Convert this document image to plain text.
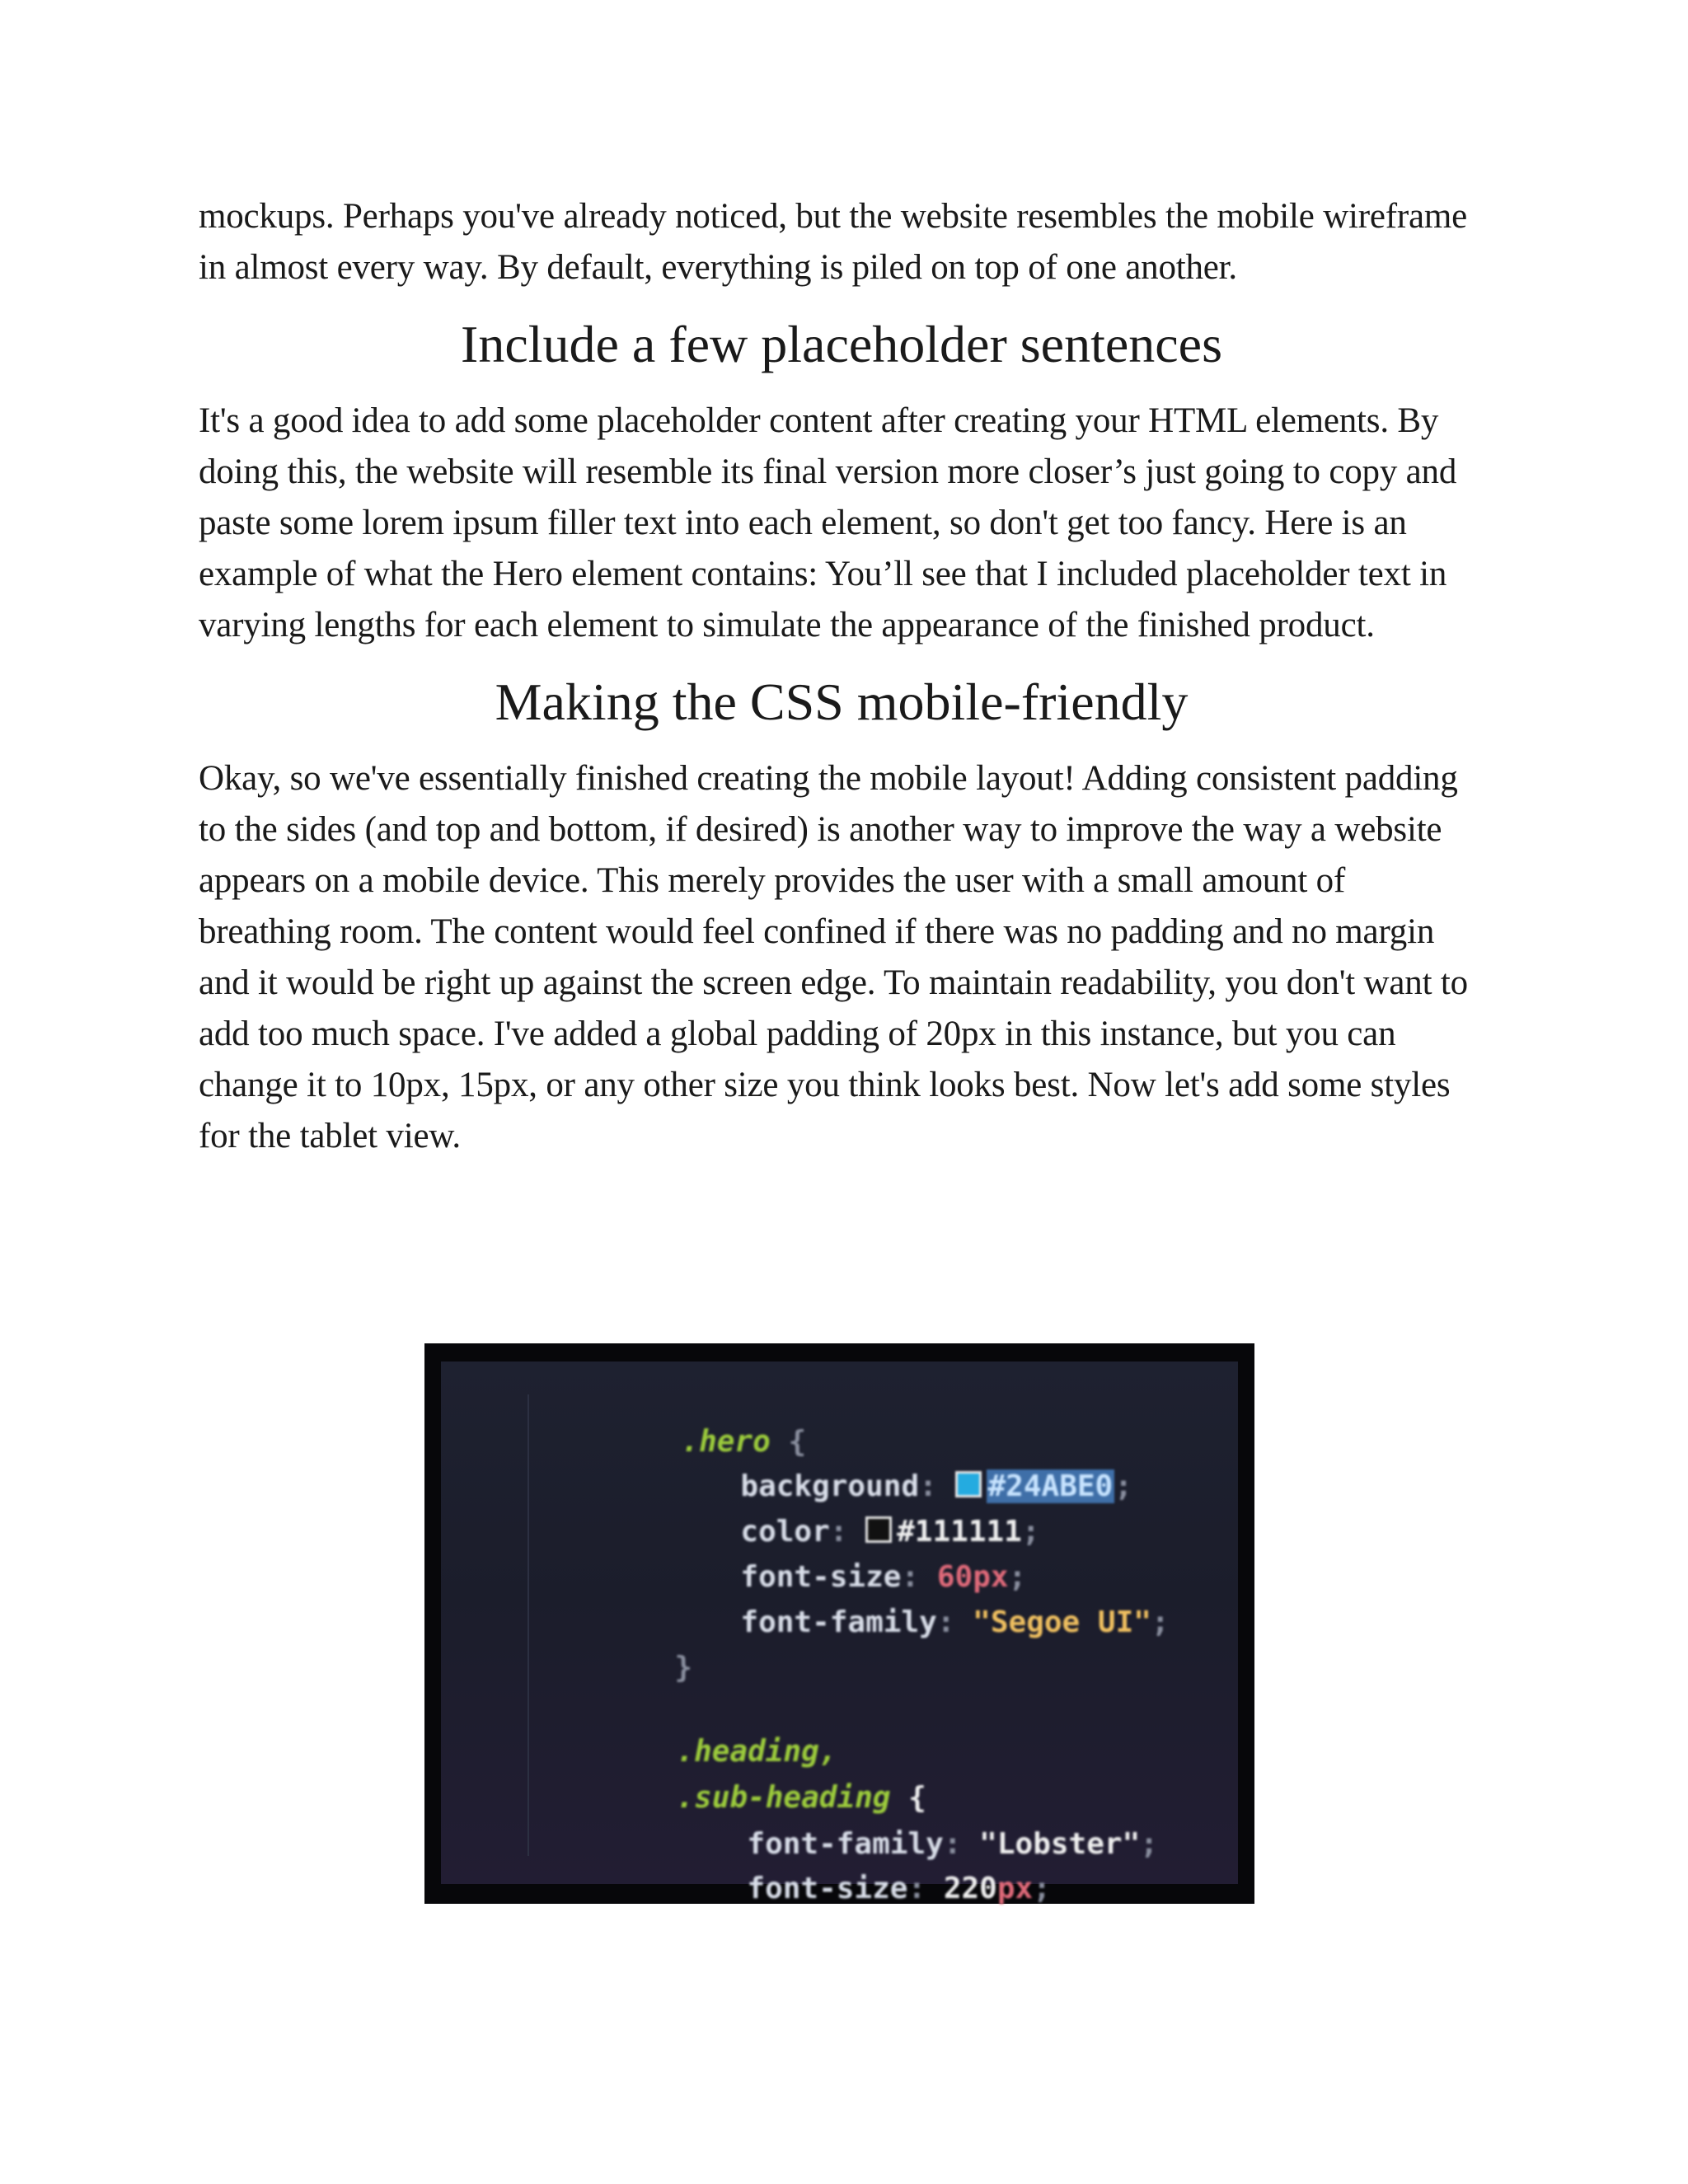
mockups. Perhaps you've already noticed, but the website resembles the mobile wireframe in almost every way. By default, everything is piled on top of one another.

Include a few placeholder sentences

It's a good idea to add some placeholder content after creating your HTML elements. By doing this, the website will resemble its final version more closer’s just going to copy and paste some lorem ipsum filler text into each element, so don't get too fancy. Here is an example of what the Hero element contains: You’ll see that I included placeholder text in varying lengths for each element to simulate the appearance of the finished product.

Making the CSS mobile-friendly

Okay, so we've essentially finished creating the mobile layout! Adding consistent padding to the sides (and top and bottom, if desired) is another way to improve the way a website appears on a mobile device. This merely provides the user with a small amount of breathing room. The content would feel confined if there was no padding and no margin and it would be right up against the screen edge. To maintain readability, you don't want to add too much space. I've added a global padding of 20px in this instance, but you can change it to 10px, 15px, or any other size you think looks best. Now let's add some styles for the tablet view.

.hero {

background: #24ABE0;

color: #111111;

font-size: 60px;

font-family: "Segoe UI";

}

.heading,

.sub-heading {

font-family: "Lobster";

font-size: 220px;
